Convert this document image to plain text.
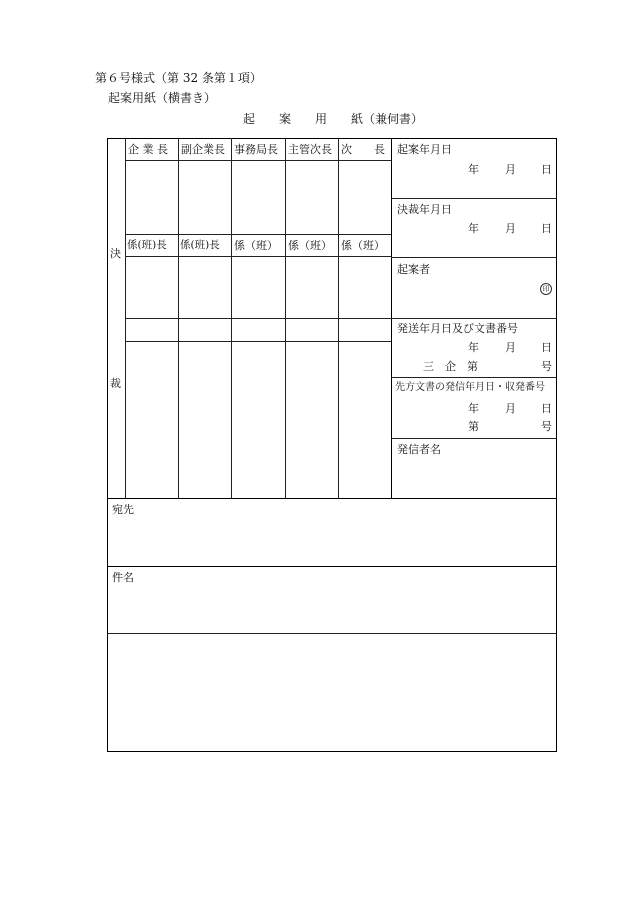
第６号様式（第 32 条第１項）
起案用紙（横書き）
起　　案　　用　　紙（兼伺書）
決
裁
企 業 長 副企業長 事務局長 主管次長 次　　長
係(班)長 係(班)長 係（班） 係（班） 係（班）
起案年月日
年 月 日
決裁年月日
年 月 日
起案者
印
発送年月日及び文書番号
年 月 日
三　企　第	号
先方文書の発信年月日・収発番号
年 月 日
第	号
発信者名
宛先
件名
